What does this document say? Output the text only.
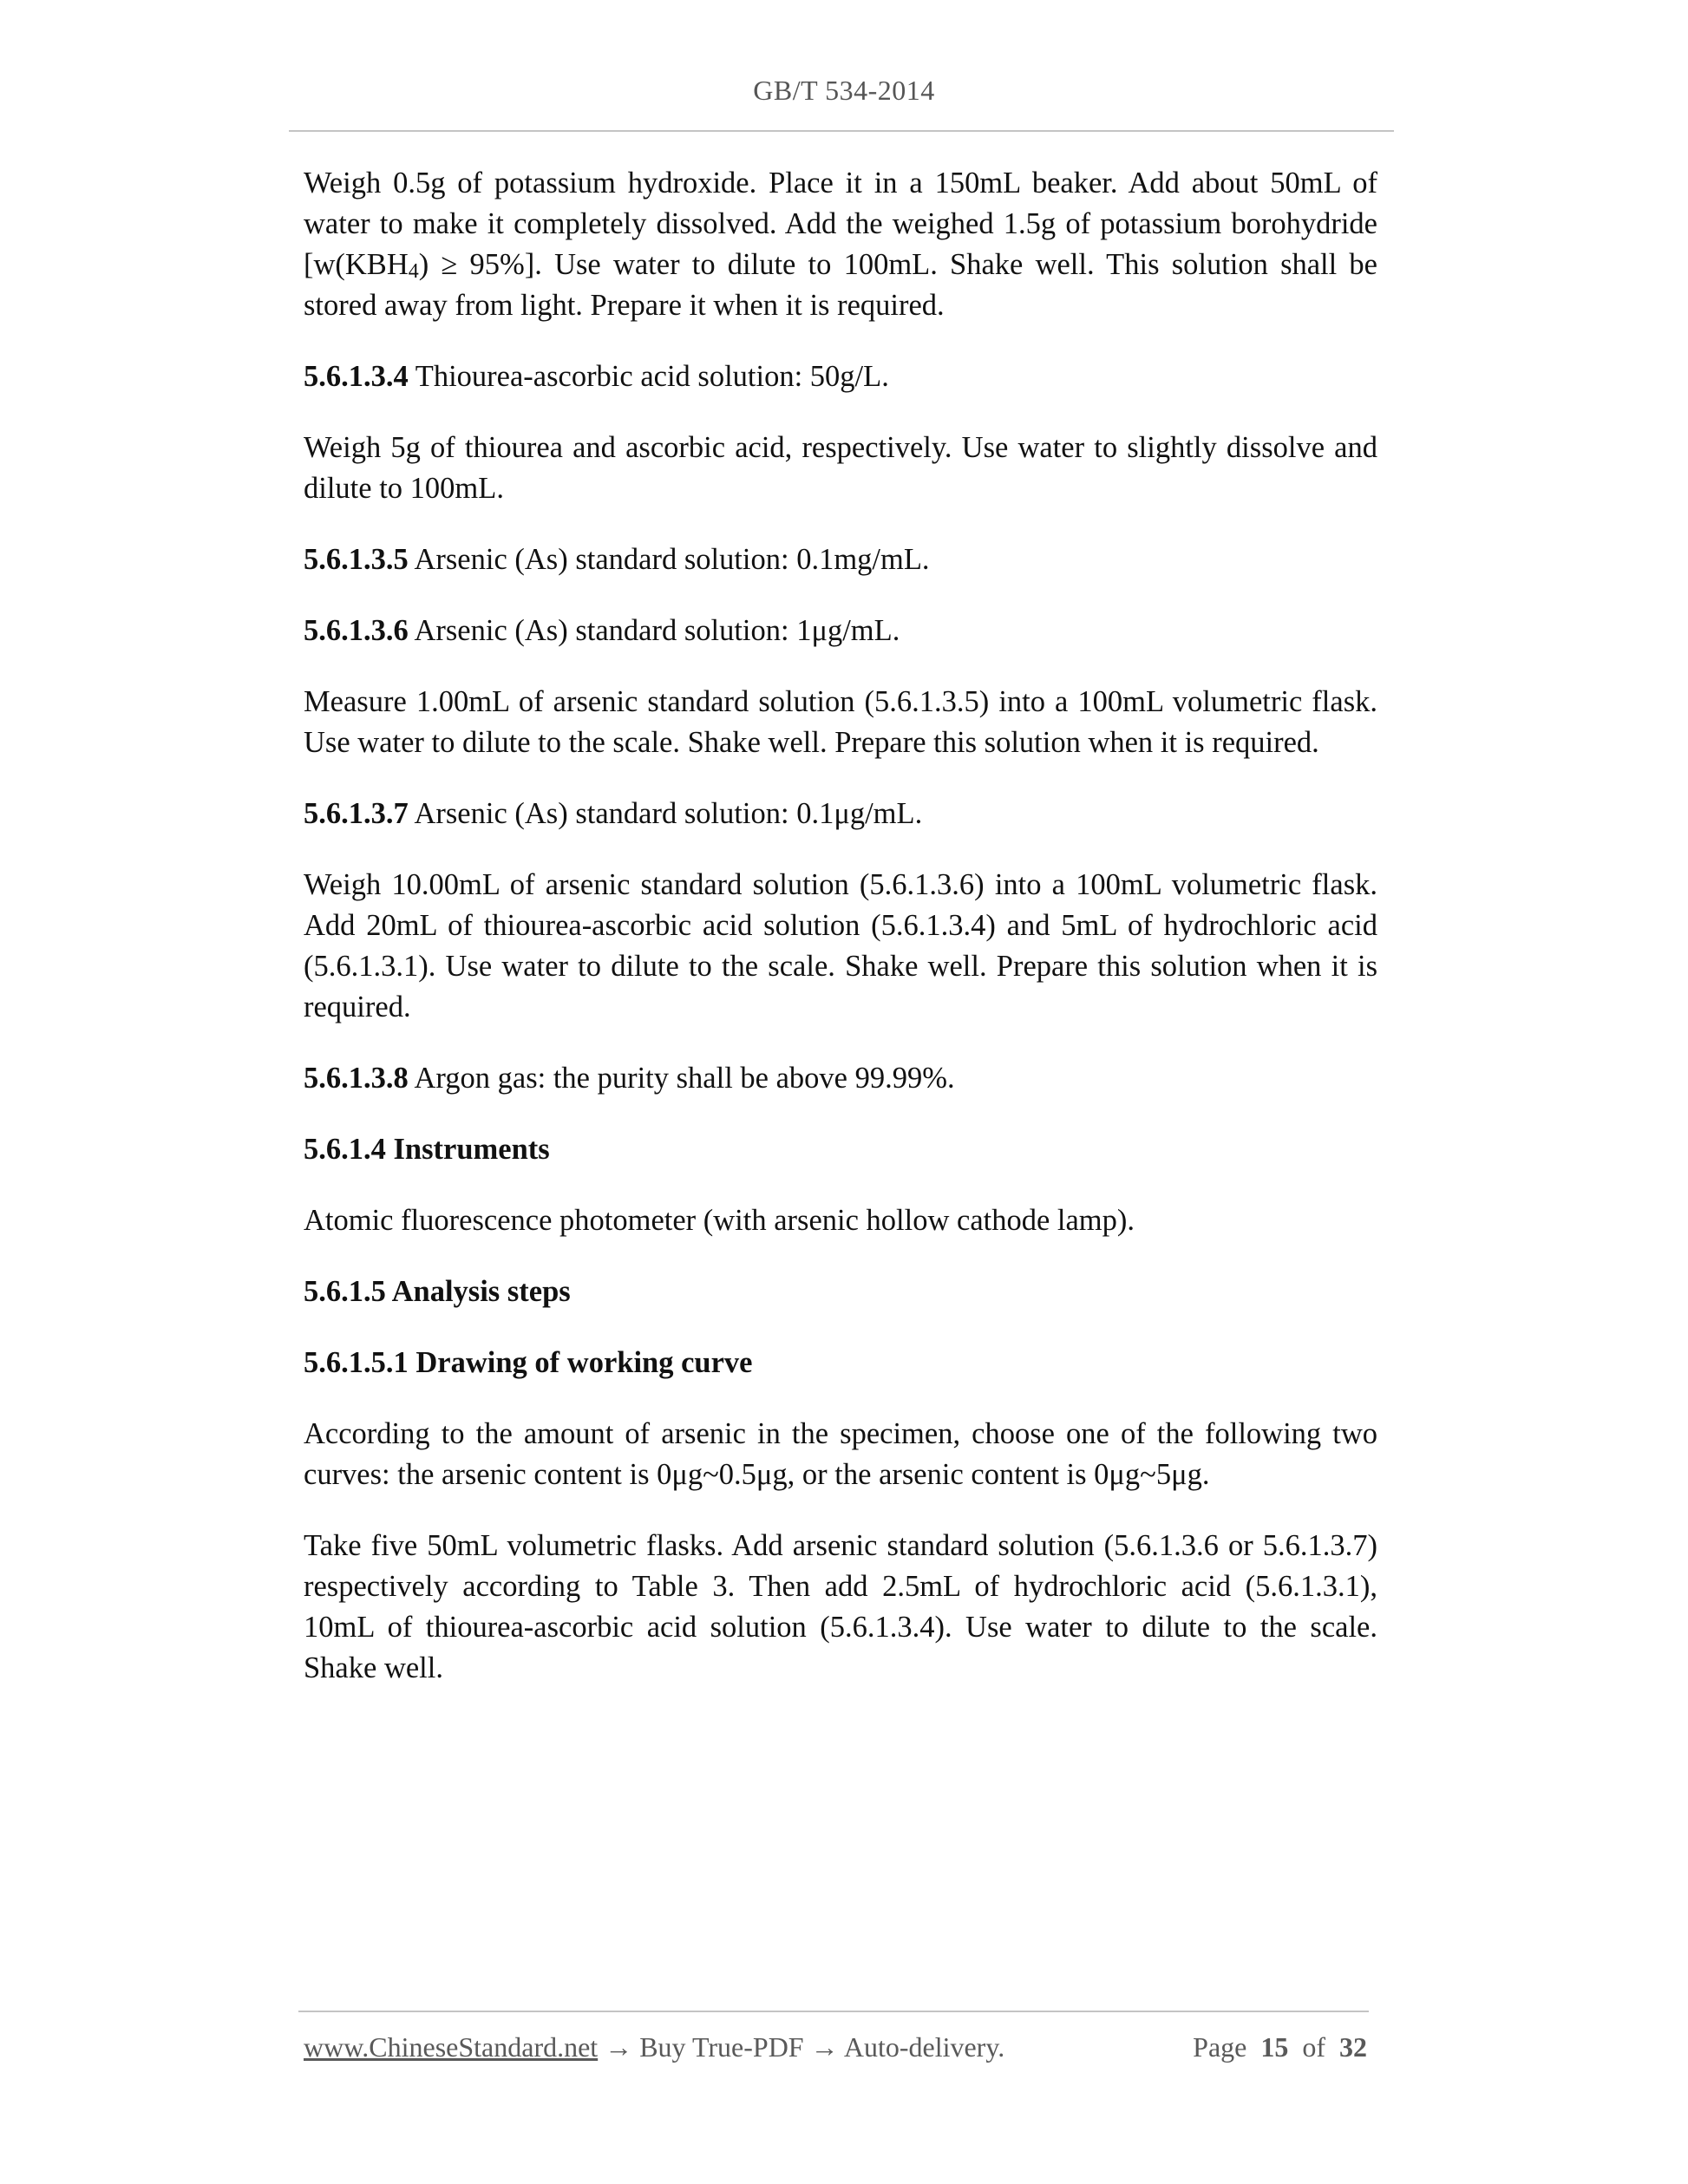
GB/T 534-2014

Weigh 0.5g of potassium hydroxide. Place it in a 150mL beaker. Add about 50mL of water to make it completely dissolved. Add the weighed 1.5g of potassium borohydride $[w(KBH_4) \ge 95\%]$. Use water to dilute to 100mL. Shake well. This solution shall be stored away from light. Prepare it when it is required.

5.6.1.3.4 Thiourea-ascorbic acid solution: 50g/L.

Weigh 5g of thiourea and ascorbic acid, respectively. Use water to slightly dissolve and dilute to 100mL.

5.6.1.3.5 Arsenic (As) standard solution: 0.1mg/mL.

5.6.1.3.6 Arsenic (As) standard solution: 1μg/mL.

Measure 1.00mL of arsenic standard solution (5.6.1.3.5) into a 100mL volumetric flask. Use water to dilute to the scale. Shake well. Prepare this solution when it is required.

5.6.1.3.7 Arsenic (As) standard solution: 0.1μg/mL.

Weigh 10.00mL of arsenic standard solution (5.6.1.3.6) into a 100mL volumetric flask. Add 20mL of thiourea-ascorbic acid solution (5.6.1.3.4) and 5mL of hydrochloric acid (5.6.1.3.1). Use water to dilute to the scale. Shake well. Prepare this solution when it is required.

5.6.1.3.8 Argon gas: the purity shall be above 99.99%.

5.6.1.4 Instruments

Atomic fluorescence photometer (with arsenic hollow cathode lamp).

5.6.1.5 Analysis steps

5.6.1.5.1 Drawing of working curve

According to the amount of arsenic in the specimen, choose one of the following two curves: the arsenic content is 0μg~0.5μg, or the arsenic content is 0μg~5μg.

Take five 50mL volumetric flasks. Add arsenic standard solution (5.6.1.3.6 or 5.6.1.3.7) respectively according to Table 3. Then add 2.5mL of hydrochloric acid (5.6.1.3.1), 10mL of thiourea-ascorbic acid solution (5.6.1.3.4). Use water to dilute to the scale. Shake well.

www.ChineseStandard.net → Buy True-PDF → Auto-delivery.	Page 15 of 32
